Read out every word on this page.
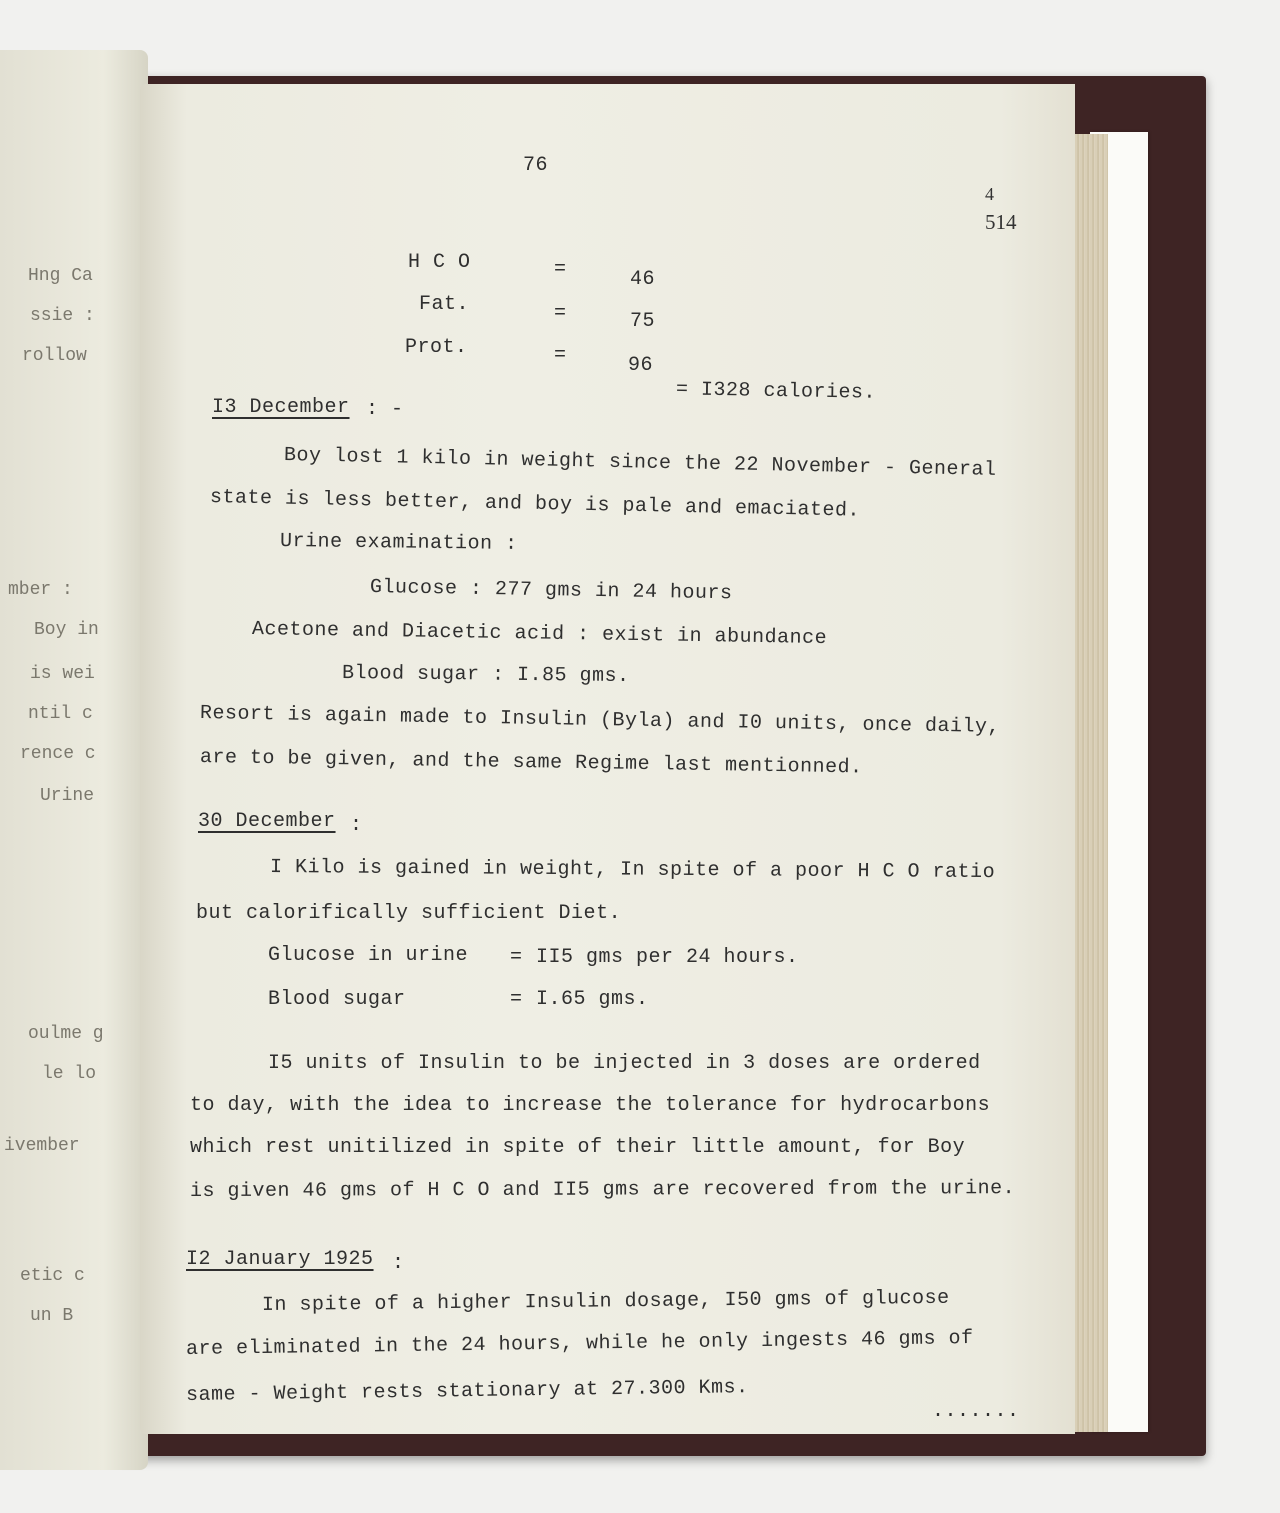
Hng Ca
ssie :
rollow
mber :
Boy in
is wei
ntil c
rence c
Urine
oulme g
le lo
ivember
etic c
un B
76
4
514
H C O	=	46
Fat.	=	75
Prot.	=	96
= I328 calories.
I3 December : -
Boy lost 1 kilo in weight since the 22 November - General
state is less better, and boy is pale and emaciated.
Urine examination :
Glucose : 277 gms in 24 hours
Acetone and Diacetic acid : exist in abundance
Blood sugar : I.85 gms.
Resort is again made to Insulin (Byla) and I0 units, once daily,
are to be given, and the same Regime last mentionned.
30 December :
I Kilo is gained in weight, In spite of a poor H C O ratio
but calorifically sufficient Diet.
Glucose in urine = II5 gms per 24 hours.
Blood sugar	= I.65 gms.
I5 units of Insulin to be injected in 3 doses are ordered
to day, with the idea to increase the tolerance for hydrocarbons
which rest unitilized in spite of their little amount, for Boy
is given 46 gms of H C O and II5 gms are recovered from the urine.
I2 January 1925 :
In spite of a higher Insulin dosage, I50 gms of glucose
are eliminated in the 24 hours, while he only ingests 46 gms of
same - Weight rests stationary at 27.300 Kms.
.......
